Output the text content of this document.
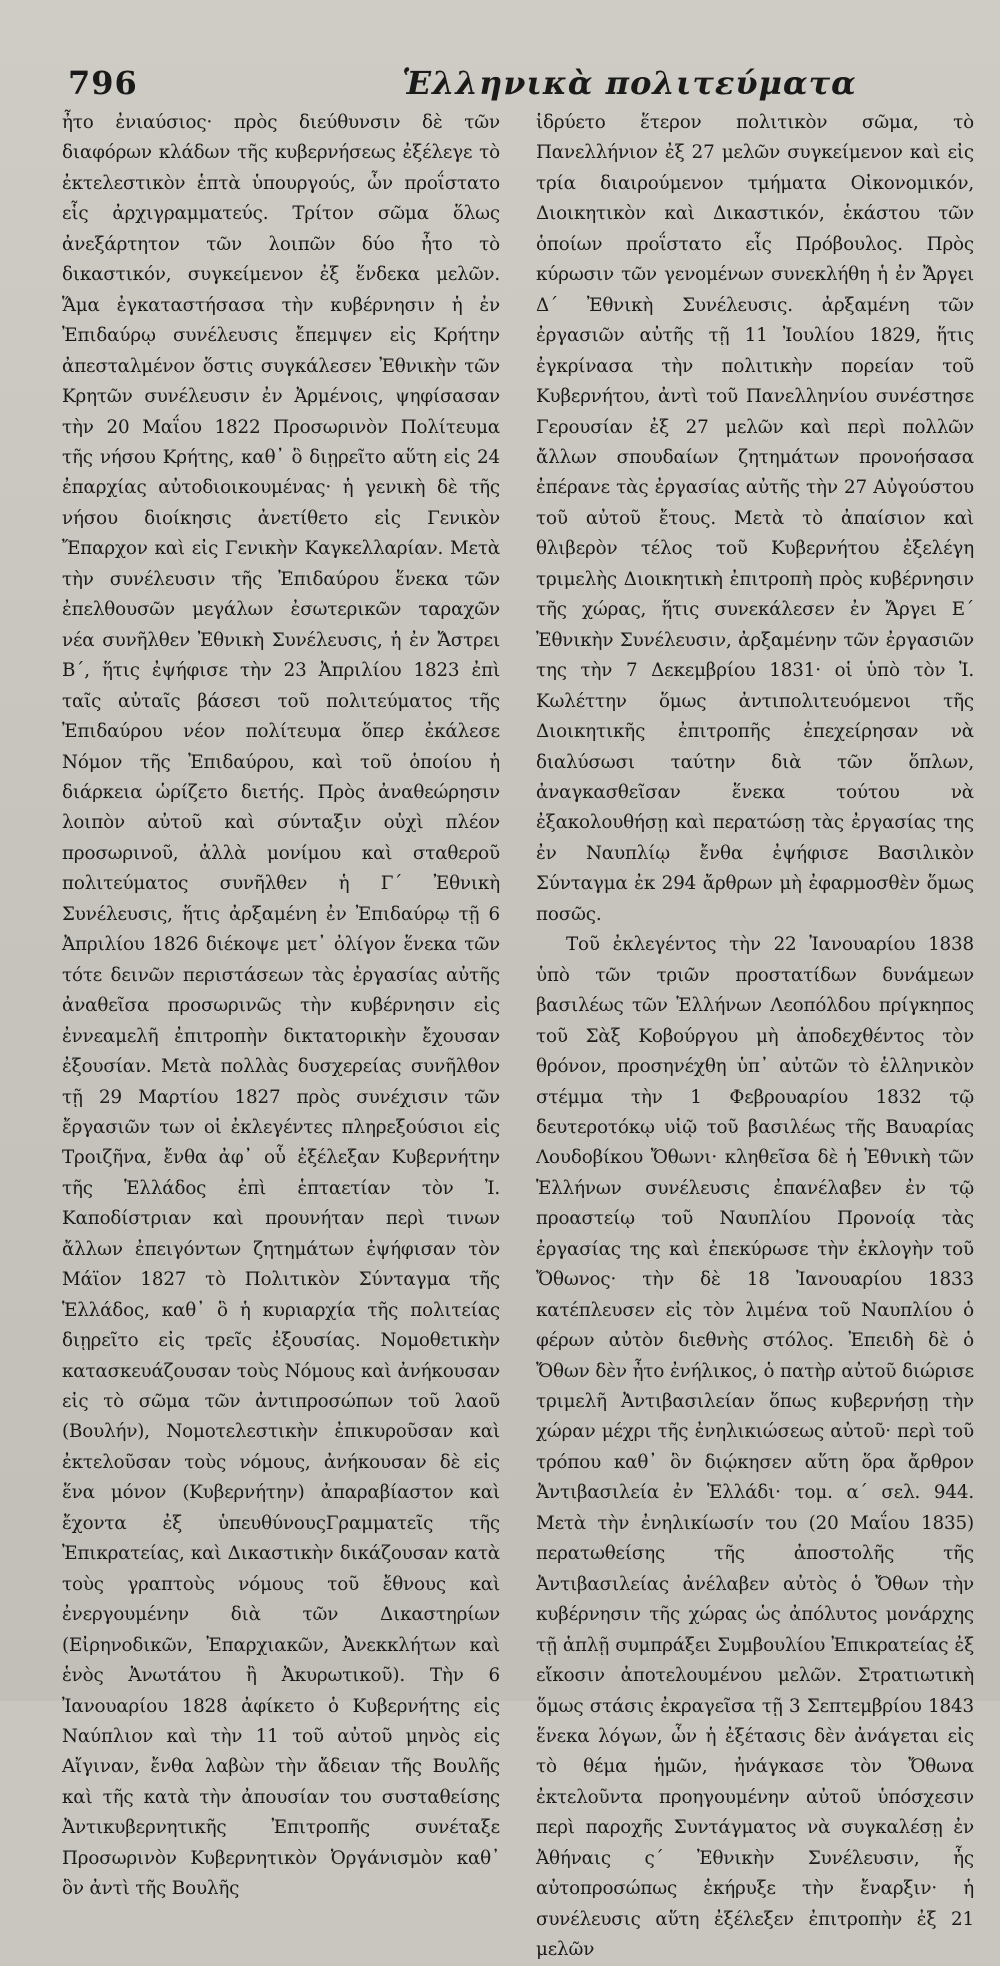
796	Ἑλληνικὰ πολιτεύματα

ἦτο ἐνιαύσιος· πρὸς διεύθυνσιν δὲ τῶν διαφόρων κλάδων τῆς κυβερνήσεως ἐξέλεγε τὸ ἐκτελεστικὸν ἑπτὰ ὑπουργούς, ὧν προΐστατο εἷς ἀρχιγραμματεύς. Τρίτον σῶμα ὅλως ἀνεξάρτητον τῶν λοιπῶν δύο ἦτο τὸ δικαστικόν, συγκείμενον ἐξ ἕνδεκα μελῶν. Ἅμα ἐγκαταστήσασα τὴν κυβέρνησιν ἡ ἐν Ἐπιδαύρῳ συνέλευσις ἔπεμψεν εἰς Κρήτην ἀπεσταλμένον ὅστις συγκάλεσεν Ἐθνικὴν τῶν Κρητῶν συνέλευσιν ἐν Ἀρμένοις, ψηφίσασαν τὴν 20 Μαΐου 1822 Προσωρινὸν Πολίτευμα τῆς νήσου Κρήτης, καθ᾽ ὃ διῃρεῖτο αὕτη εἰς 24 ἐπαρχίας αὐτοδιοικουμένας· ἡ γενικὴ δὲ τῆς νήσου διοίκησις ἀνετίθετο εἰς Γενικὸν Ἔπαρχον καὶ εἰς Γενικὴν Καγκελλαρίαν. Μετὰ τὴν συνέλευσιν τῆς Ἐπιδαύρου ἕνεκα τῶν ἐπελθουσῶν μεγάλων ἐσωτερικῶν ταραχῶν νέα συνῆλθεν Ἐθνικὴ Συνέλευσις, ἡ ἐν Ἄστρει Β΄, ἥτις ἐψήφισε τὴν 23 Ἀπριλίου 1823 ἐπὶ ταῖς αὐταῖς βάσεσι τοῦ πολιτεύματος τῆς Ἐπιδαύρου νέον πολίτευμα ὅπερ ἐκάλεσε Νόμον τῆς Ἐπιδαύρου, καὶ τοῦ ὁποίου ἡ διάρκεια ὡρίζετο διετής. Πρὸς ἀναθεώρησιν λοιπὸν αὐτοῦ καὶ σύνταξιν οὐχὶ πλέον προσωρινοῦ, ἀλλὰ μονίμου καὶ σταθεροῦ πολιτεύματος συνῆλθεν ἡ Γ΄ Ἐθνικὴ Συνέλευσις, ἥτις ἀρξαμένη ἐν Ἐπιδαύρῳ τῇ 6 Ἀπριλίου 1826 διέκοψε μετ᾽ ὀλίγον ἕνεκα τῶν τότε δεινῶν περιστάσεων τὰς ἐργασίας αὐτῆς ἀναθεῖσα προσωρινῶς τὴν κυβέρνησιν εἰς ἐννεαμελῆ ἐπιτροπὴν δικτατορικὴν ἔχουσαν ἐξουσίαν. Μετὰ πολλὰς δυσχερείας συνῆλθον τῇ 29 Μαρτίου 1827 πρὸς συνέχισιν τῶν ἔργασιῶν των οἱ ἐκλεγέντες πληρεξούσιοι εἰς Τροιζῆνα, ἔνθα ἀφ᾽ οὗ ἐξέλεξαν Κυβερνήτην τῆς Ἑλλάδος ἐπὶ ἑπταετίαν τὸν Ἰ. Καποδίστριαν καὶ προυνήταν περὶ τινων ἄλλων ἐπειγόντων ζητημάτων ἐψήφισαν τὸν Μάϊον 1827 τὸ Πολιτικὸν Σύνταγμα τῆς Ἑλλάδος, καθ᾽ ὃ ἡ κυριαρχία τῆς πολιτείας διῃρεῖτο εἰς τρεῖς ἐξουσίας. Νομοθετικὴν κατασκευάζουσαν τοὺς Νόμους καὶ ἀνήκουσαν εἰς τὸ σῶμα τῶν ἀντιπροσώπων τοῦ λαοῦ (Βουλήν), Νομοτελεστικὴν ἐπικυροῦσαν καὶ ἐκτελοῦσαν τοὺς νόμους, ἀνήκουσαν δὲ εἰς ἕνα μόνον (Κυβερνήτην) ἀπαραβίαστον καὶ ἔχοντα ἐξ ὑπευθύνουςΓραμματεῖς τῆς Ἐπικρατείας, καὶ Δικαστικὴν δικάζουσαν κατὰ τοὺς γραπτοὺς νόμους τοῦ ἔθνους καὶ ἐνεργουμένην διὰ τῶν Δικαστηρίων (Εἰρηνοδικῶν, Ἐπαρχιακῶν, Ἀνεκκλήτων καὶ ἑνὸς Ἀνωτάτου ἢ Ἀκυρωτικοῦ). Τὴν 6 Ἰανουαρίου 1828 ἀφίκετο ὁ Κυβερνήτης εἰς Ναύπλιον καὶ τὴν 11 τοῦ αὐτοῦ μηνὸς εἰς Αἴγιναν, ἔνθα λαβὼν τὴν ἄδειαν τῆς Βουλῆς καὶ τῆς κατὰ τὴν ἀπουσίαν του συσταθείσης Ἀντικυβερνητικῆς Ἐπιτροπῆς συνέταξε Προσωρινὸν Κυβερνητικὸν Ὀργάνισμὸν καθ᾽ ὃν ἀντὶ τῆς Βουλῆς

ἱδρύετο ἕτερον πολιτικὸν σῶμα, τὸ Πανελλήνιον ἐξ 27 μελῶν συγκείμενον καὶ εἰς τρία διαιρούμενον τμήματα Οἰκονομικόν, Διοικητικὸν καὶ Δικαστικόν, ἑκάστου τῶν ὁποίων προΐστατο εἷς Πρόβουλος. Πρὸς κύρωσιν τῶν γενομένων συνεκλήθη ἡ ἐν Ἄργει Δ΄ Ἐθνικὴ Συνέλευσις. ἀρξαμένη τῶν ἐργασιῶν αὐτῆς τῇ 11 Ἰουλίου 1829, ἥτις ἐγκρίνασα τὴν πολιτικὴν πορείαν τοῦ Κυβερνήτου, ἀντὶ τοῦ Πανελληνίου συνέστησε Γερουσίαν ἐξ 27 μελῶν καὶ περὶ πολλῶν ἄλλων σπουδαίων ζητημάτων προνοήσασα ἐπέρανε τὰς ἐργασίας αὐτῆς τὴν 27 Αὐγούστου τοῦ αὐτοῦ ἔτους. Μετὰ τὸ ἀπαίσιον καὶ θλιβερὸν τέλος τοῦ Κυβερνήτου ἐξελέγη τριμελὴς Διοικητικὴ ἐπιτροπὴ πρὸς κυβέρνησιν τῆς χώρας, ἥτις συνεκάλεσεν ἐν Ἄργει Ε΄ Ἐθνικὴν Συνέλευσιν, ἀρξαμένην τῶν ἐργασιῶν της τὴν 7 Δεκεμβρίου 1831· οἱ ὑπὸ τὸν Ἰ. Κωλέττην ὅμως ἀντιπολιτευόμενοι τῆς Διοικητικῆς ἐπιτροπῆς ἐπεχείρησαν νὰ διαλύσωσι ταύτην διὰ τῶν ὅπλων, ἀναγκασθεῖσαν ἕνεκα τούτου νὰ ἐξακολουθήσῃ καὶ περατώσῃ τὰς ἐργασίας της ἐν Ναυπλίῳ ἔνθα ἐψήφισε Βασιλικὸν Σύνταγμα ἐκ 294 ἄρθρων μὴ ἐφαρμοσθὲν ὅμως ποσῶς.

Τοῦ ἐκλεγέντος τὴν 22 Ἰανουαρίου 1838 ὑπὸ τῶν τριῶν προστατίδων δυνάμεων βασιλέως τῶν Ἑλλήνων Λεοπόλδου πρίγκηπος τοῦ Σὰξ Κοβούργου μὴ ἀποδεχθέντος τὸν θρόνον, προσηνέχθη ὑπ᾽ αὐτῶν τὸ ἑλληνικὸν στέμμα τὴν 1 Φεβρουαρίου 1832 τῷ δευτεροτόκῳ υἱῷ τοῦ βασιλέως τῆς Βαυαρίας Λουδοβίκου Ὄθωνι· κληθεῖσα δὲ ἡ Ἐθνικὴ τῶν Ἑλλήνων συνέλευσις ἐπανέλαβεν ἐν τῷ προαστείῳ τοῦ Ναυπλίου Προνοίᾳ τὰς ἐργασίας της καὶ ἐπεκύρωσε τὴν ἐκλογὴν τοῦ Ὄθωνος· τὴν δὲ 18 Ἰανουαρίου 1833 κατέπλευσεν εἰς τὸν λιμένα τοῦ Ναυπλίου ὁ φέρων αὐτὸν διεθνὴς στόλος. Ἐπειδὴ δὲ ὁ Ὄθων δὲν ἦτο ἐνήλικος, ὁ πατὴρ αὐτοῦ διώρισε τριμελῆ Ἀντιβασιλείαν ὅπως κυβερνήσῃ τὴν χώραν μέχρι τῆς ἐνηλικιώσεως αὐτοῦ· περὶ τοῦ τρόπου καθ᾽ ὃν διῴκησεν αὕτη ὅρα ἄρθρον Ἀντιβασιλεία ἐν Ἑλλάδι· τομ. α΄ σελ. 944. Μετὰ τὴν ἐνηλικίωσίν του (20 Μαΐου 1835) περατωθείσης τῆς ἀποστολῆς τῆς Ἀντιβασιλείας ἀνέλαβεν αὐτὸς ὁ Ὄθων τὴν κυβέρνησιν τῆς χώρας ὡς ἀπόλυτος μονάρχης τῇ ἁπλῇ συμπράξει Συμβουλίου Ἐπικρατείας ἐξ εἴκοσιν ἀποτελουμένου μελῶν. Στρατιωτικὴ ὅμως στάσις ἐκραγεῖσα τῇ 3 Σεπτεμβρίου 1843 ἕνεκα λόγων, ὧν ἡ ἐξέτασις δὲν ἀνάγεται εἰς τὸ θέμα ἡμῶν, ἠνάγκασε τὸν Ὄθωνα ἐκτελοῦντα προηγουμένην αὐτοῦ ὑπόσχεσιν περὶ παροχῆς Συντάγματος νὰ συγκαλέσῃ ἐν Ἀθήναις ς΄ Ἐθνικὴν Συνέλευσιν, ἧς αὐτοπροσώπως ἐκήρυξε τὴν ἔναρξιν· ἡ συνέλευσις αὕτη ἐξέλεξεν ἐπιτροπὴν ἐξ 21 μελῶν
